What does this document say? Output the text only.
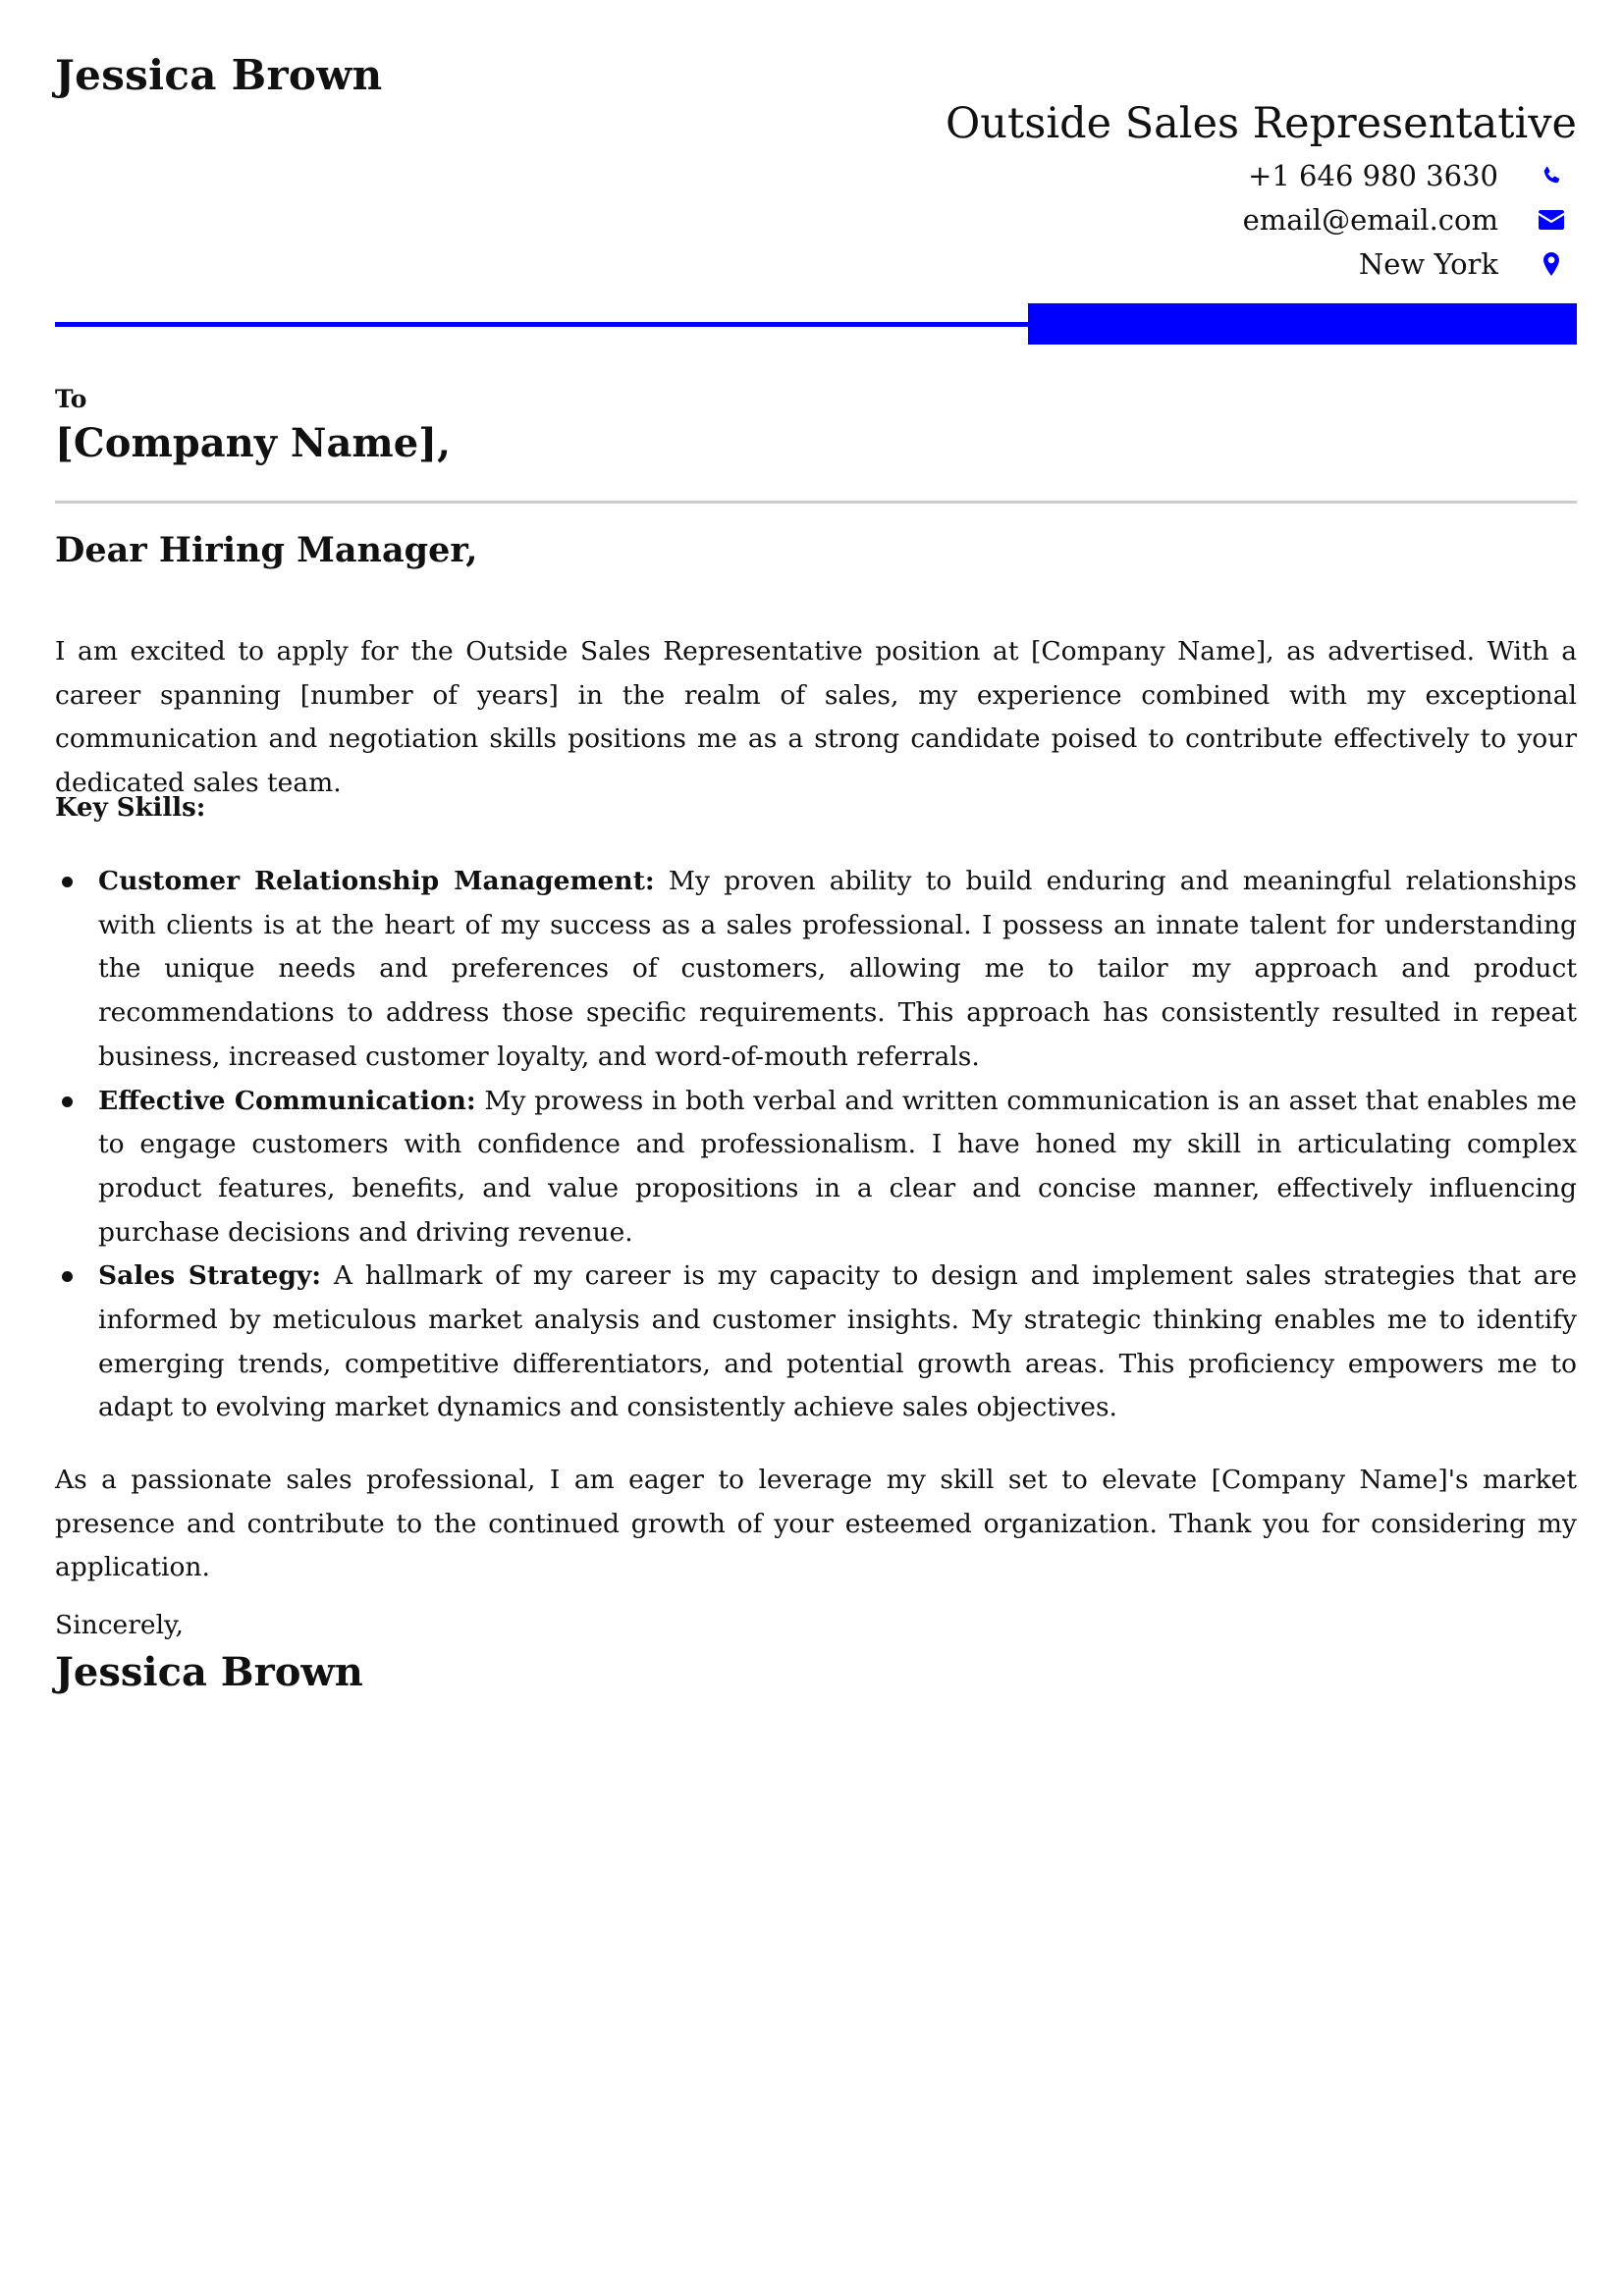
Jessica Brown
Outside Sales Representative
+1 646 980 3630
email@email.com
New York
To
[Company Name],
Dear Hiring Manager,
I am excited to apply for the Outside Sales Representative position at [Company Name], as advertised. With a career spanning [number of years] in the realm of sales, my experience combined with my exceptional communication and negotiation skills positions me as a strong candidate poised to contribute effectively to your dedicated sales team.
Key Skills:
Customer Relationship Management: My proven ability to build enduring and meaningful relationships with clients is at the heart of my success as a sales professional. I possess an innate talent for understanding the unique needs and preferences of customers, allowing me to tailor my approach and product recommendations to address those specific requirements. This approach has consistently resulted in repeat business, increased customer loyalty, and word-of-mouth referrals.
Effective Communication: My prowess in both verbal and written communication is an asset that enables me to engage customers with confidence and professionalism. I have honed my skill in articulating complex product features, benefits, and value propositions in a clear and concise manner, effectively influencing purchase decisions and driving revenue.
Sales Strategy: A hallmark of my career is my capacity to design and implement sales strategies that are informed by meticulous market analysis and customer insights. My strategic thinking enables me to identify emerging trends, competitive differentiators, and potential growth areas. This proficiency empowers me to adapt to evolving market dynamics and consistently achieve sales objectives.
As a passionate sales professional, I am eager to leverage my skill set to elevate [Company Name]'s market presence and contribute to the continued growth of your esteemed organization. Thank you for considering my application.
Sincerely,
Jessica Brown
